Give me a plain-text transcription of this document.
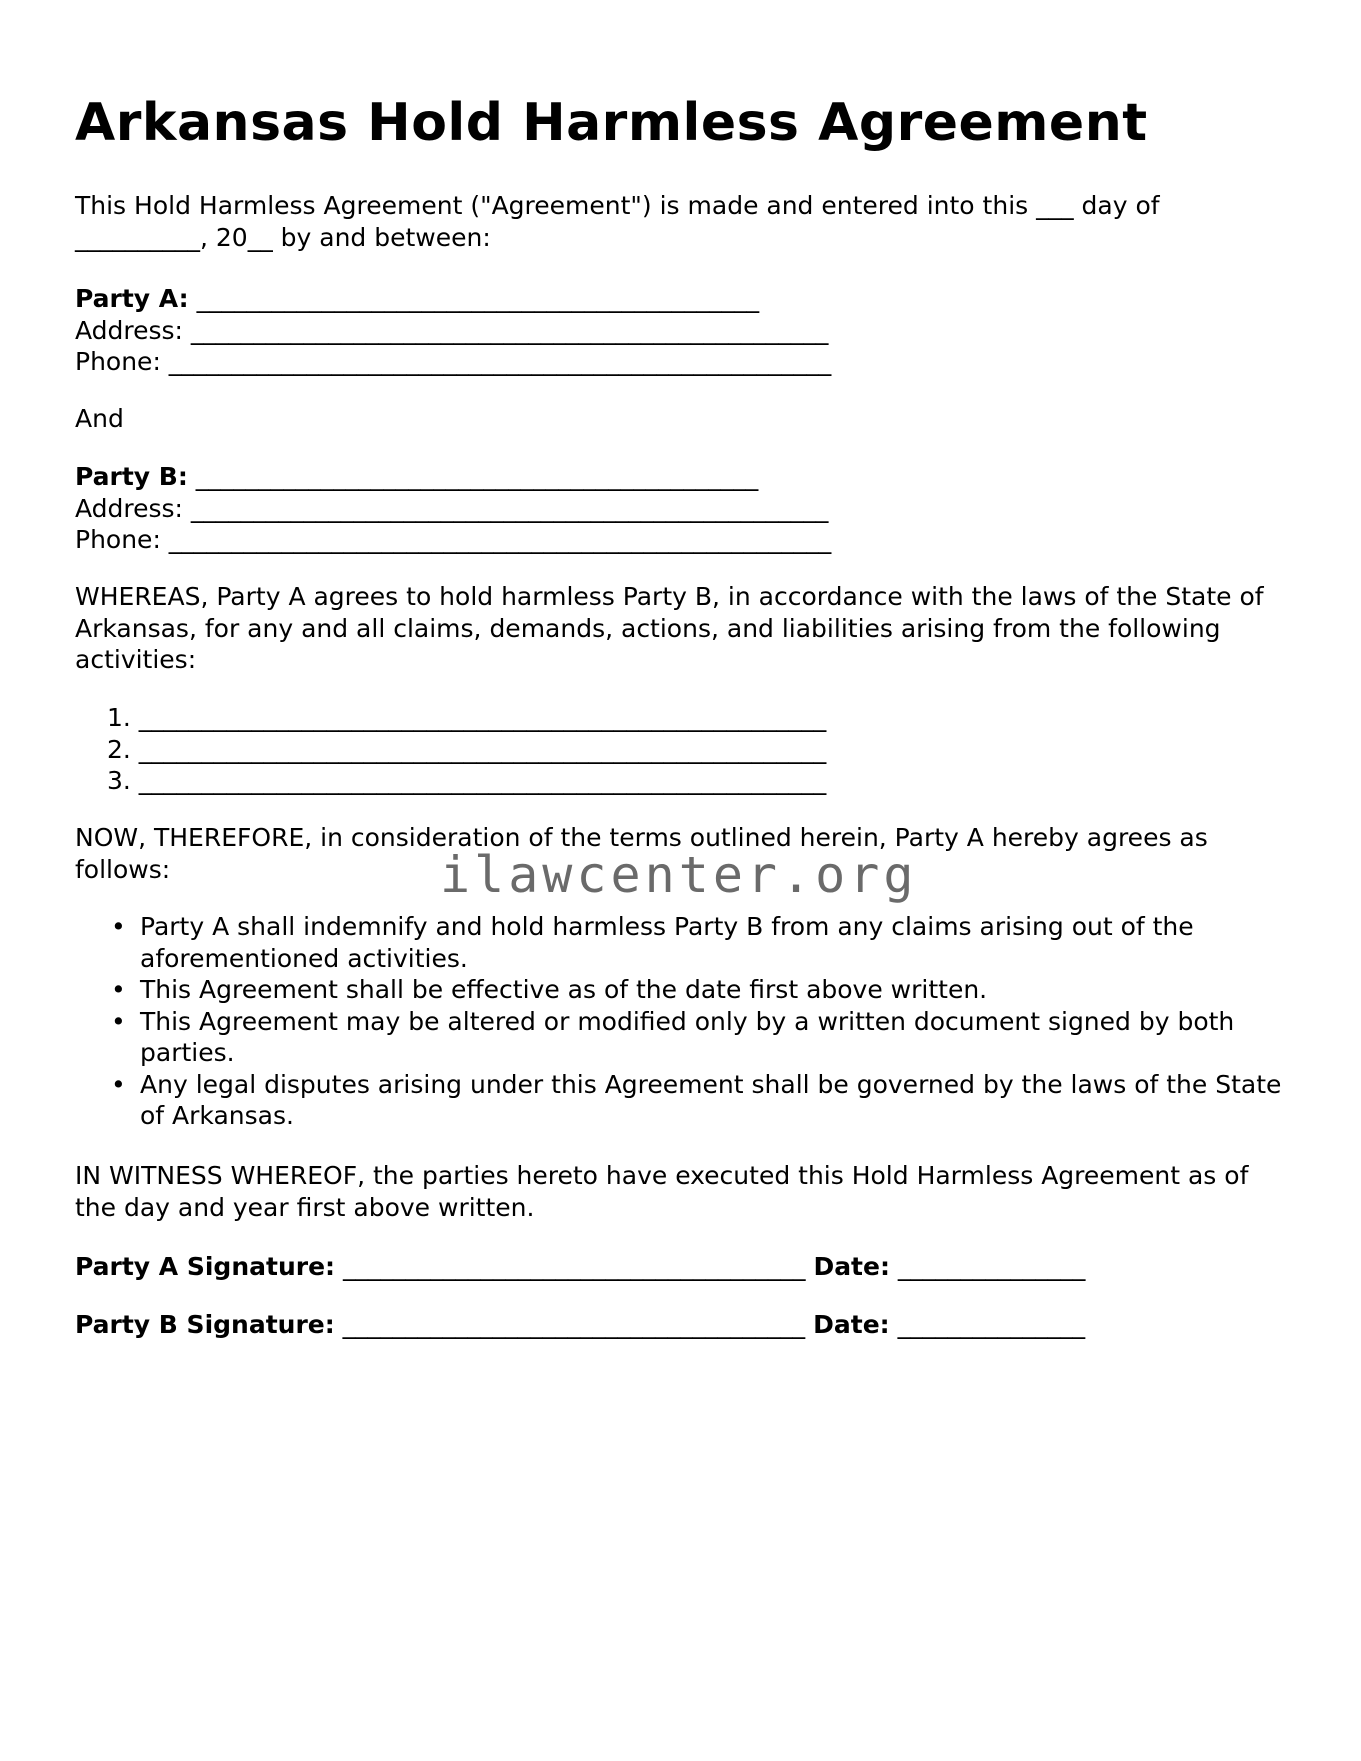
Arkansas Hold Harmless Agreement
This Hold Harmless Agreement ("Agreement") is made and entered into this ___ day of __________, 20__ by and between:
Party A: _____________________________________________
Address: ___________________________________________________
Phone: _____________________________________________________
And
Party B: _____________________________________________
Address: ___________________________________________________
Phone: _____________________________________________________
WHEREAS, Party A agrees to hold harmless Party B, in accordance with the laws of the State of Arkansas, for any and all claims, demands, actions, and liabilities arising from the following activities:
1. _______________________________________________________
2. _______________________________________________________
3. _______________________________________________________
NOW, THEREFORE, in consideration of the terms outlined herein, Party A hereby agrees as follows:
• Party A shall indemnify and hold harmless Party B from any claims arising out of the aforementioned activities.
• This Agreement shall be effective as of the date first above written.
• This Agreement may be altered or modified only by a written document signed by both parties.
• Any legal disputes arising under this Agreement shall be governed by the laws of the State of Arkansas.
IN WITNESS WHEREOF, the parties hereto have executed this Hold Harmless Agreement as of the day and year first above written.
Party A Signature: _____________________________________ Date: _______________
Party B Signature: _____________________________________ Date: _______________
ilawcenter.org
